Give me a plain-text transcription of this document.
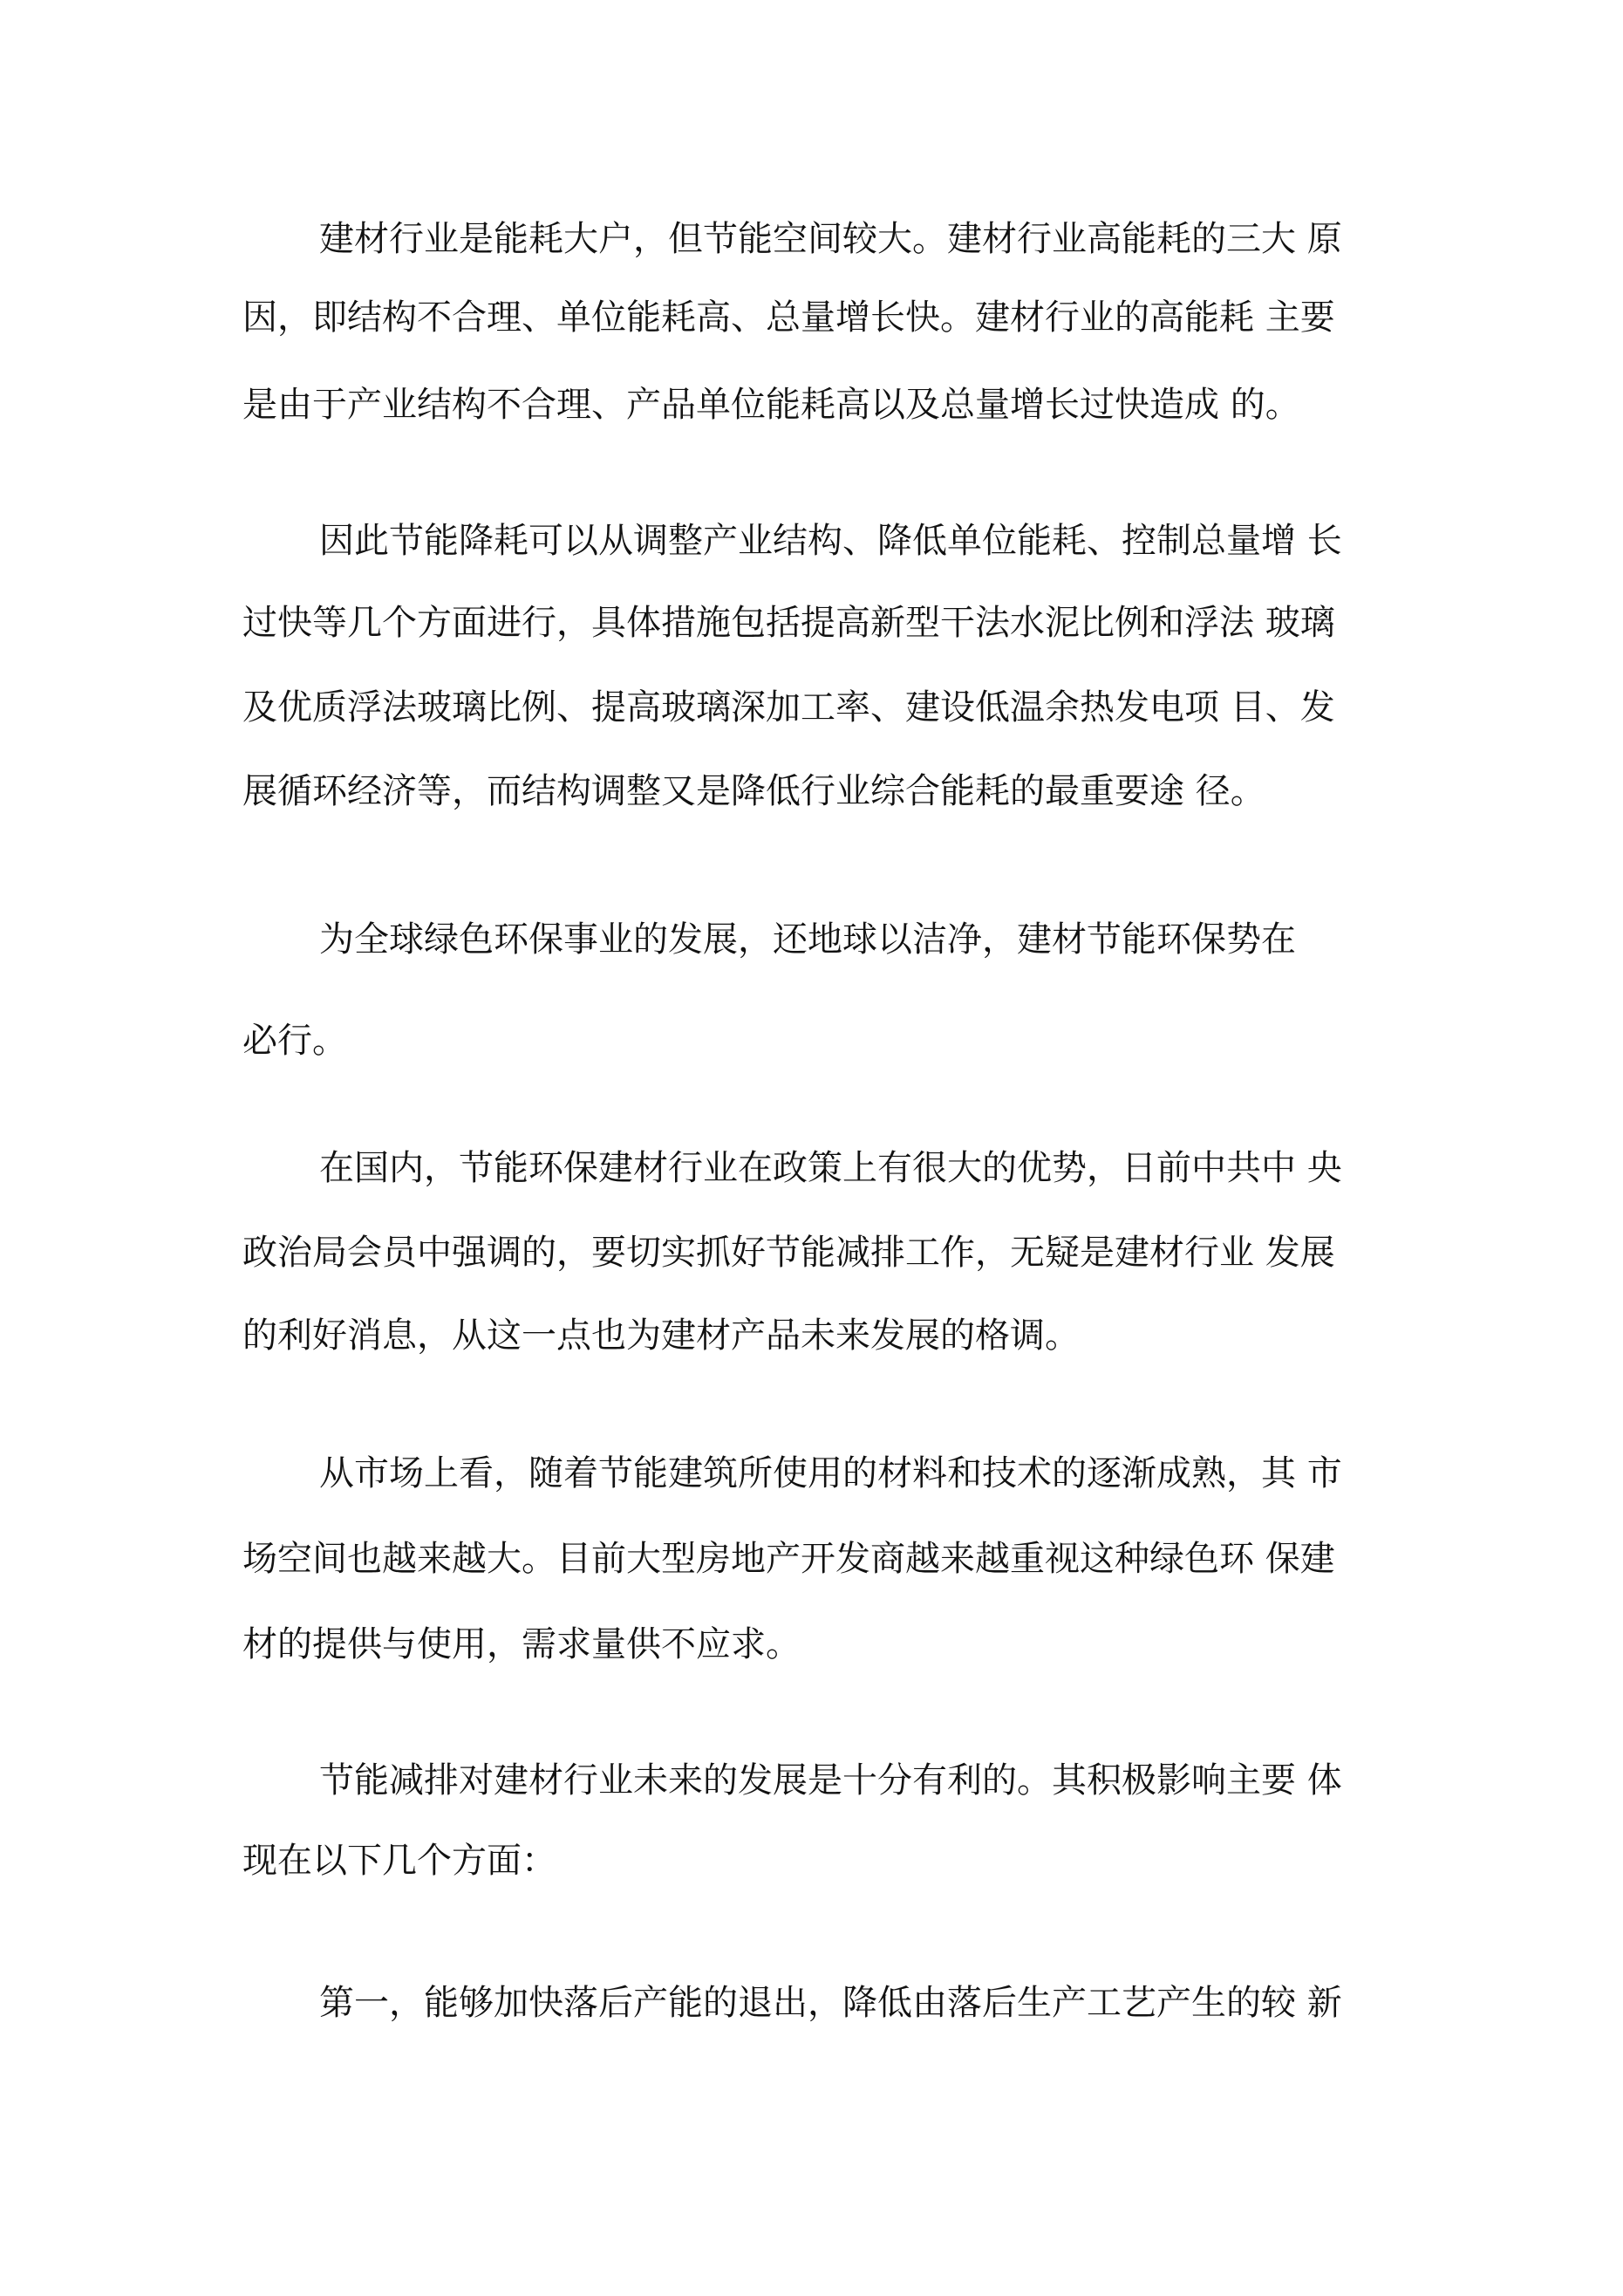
建材行业是能耗大户，但节能空间较大。建材行业高能耗的三大 原

因，即结构不合理、单位能耗高、总量增长快。建材行业的高能耗 主要

是由于产业结构不合理、产品单位能耗高以及总量增长过快造成 的。

因此节能降耗可以从调整产业结构、降低单位能耗、控制总量增 长

过快等几个方面进行，具体措施包括提高新型干法水泥比例和浮法 玻璃

及优质浮法玻璃比例、提高玻璃深加工率、建设低温余热发电项 目、发

展循环经济等，而结构调整又是降低行业综合能耗的最重要途 径。

为全球绿色环保事业的发展，还地球以洁净，建材节能环保势在

必行。

在国内，节能环保建材行业在政策上有很大的优势，日前中共中 央

政治局会员中强调的，要切实抓好节能减排工作，无疑是建材行业 发展

的利好消息，从这一点也为建材产品未来发展的格调。

从市场上看，随着节能建筑所使用的材料和技术的逐渐成熟，其 市

场空间也越来越大。目前大型房地产开发商越来越重视这种绿色环 保建

材的提供与使用，需求量供不应求。

节能减排对建材行业未来的发展是十分有利的。其积极影响主要 体

现在以下几个方面：

第一，能够加快落后产能的退出，降低由落后生产工艺产生的较 新
